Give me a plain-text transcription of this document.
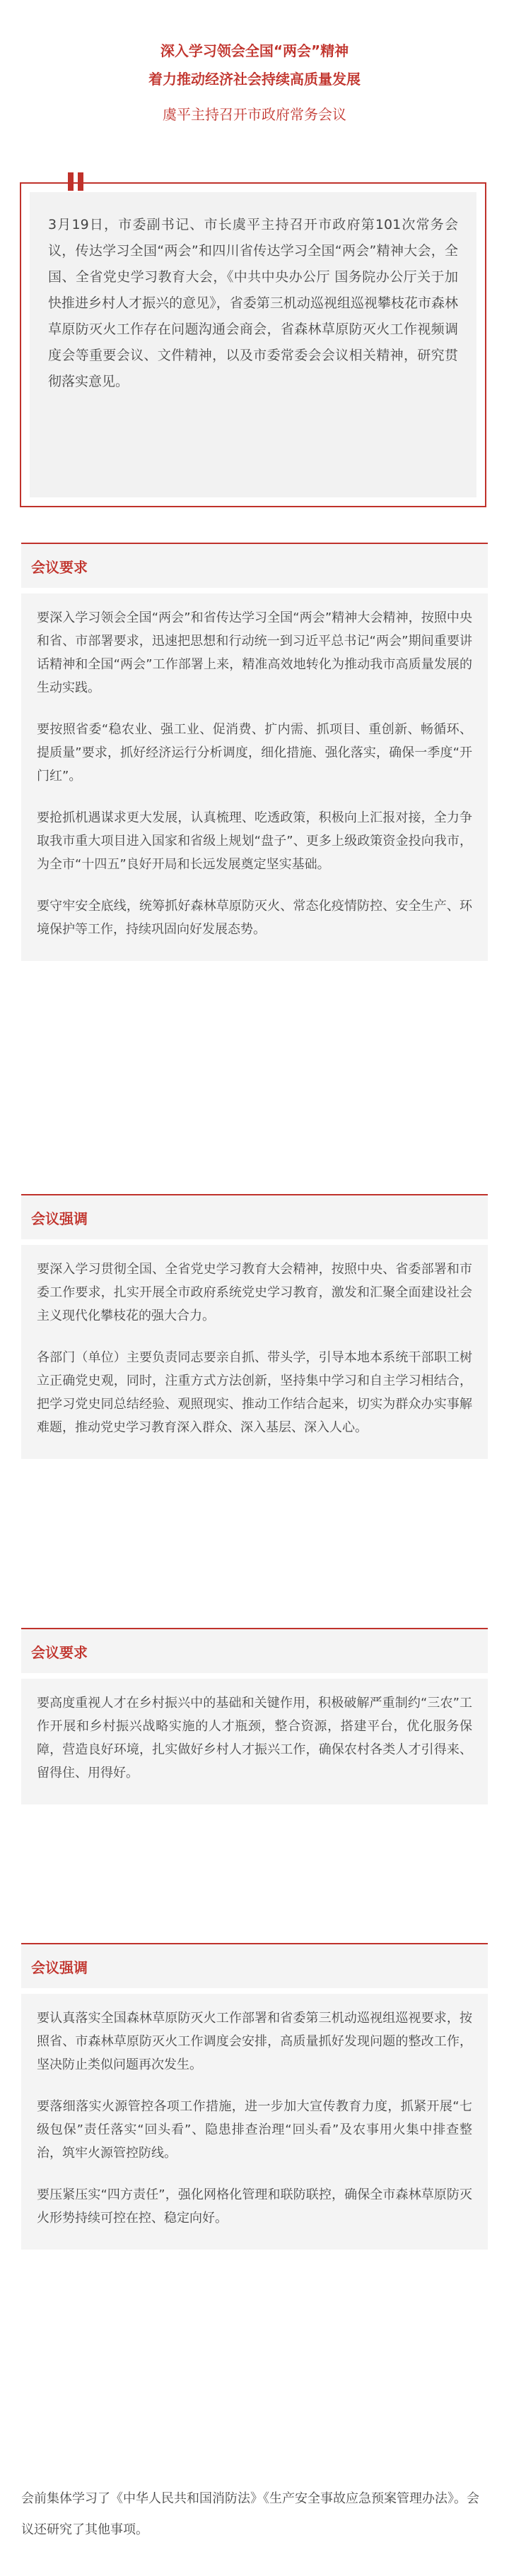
深入学习领会全国“两会”精神
着力推动经济社会持续高质量发展
虞平主持召开市政府常务会议
3月19日，市委副书记、市长虞平主持召开市政府第101次常务会议，传达学习全国“两会”和四川省传达学习全国“两会”精神大会，全国、全省党史学习教育大会，《中共中央办公厅 国务院办公厅关于加快推进乡村人才振兴的意见》，省委第三机动巡视组巡视攀枝花市森林草原防灭火工作存在问题沟通会商会，省森林草原防灭火工作视频调度会等重要会议、文件精神，以及市委常委会会议相关精神，研究贯彻落实意见。
会议要求

要深入学习领会全国“两会”和省传达学习全国“两会”精神大会精神，按照中央和省、市部署要求，迅速把思想和行动统一到习近平总书记“两会”期间重要讲话精神和全国“两会”工作部署上来，精准高效地转化为推动我市高质量发展的生动实践。

要按照省委“稳农业、强工业、促消费、扩内需、抓项目、重创新、畅循环、提质量”要求，抓好经济运行分析调度，细化措施、强化落实，确保一季度“开门红”。

要抢抓机遇谋求更大发展，认真梳理、吃透政策，积极向上汇报对接，全力争取我市重大项目进入国家和省级上规划“盘子”、更多上级政策资金投向我市，为全市“十四五”良好开局和长远发展奠定坚实基础。

要守牢安全底线，统筹抓好森林草原防灭火、常态化疫情防控、安全生产、环境保护等工作，持续巩固向好发展态势。

会议强调

要深入学习贯彻全国、全省党史学习教育大会精神，按照中央、省委部署和市委工作要求，扎实开展全市政府系统党史学习教育，激发和汇聚全面建设社会主义现代化攀枝花的强大合力。

各部门（单位）主要负责同志要亲自抓、带头学，引导本地本系统干部职工树立正确党史观，同时，注重方式方法创新，坚持集中学习和自主学习相结合，把学习党史同总结经验、观照现实、推动工作结合起来，切实为群众办实事解难题，推动党史学习教育深入群众、深入基层、深入人心。

会议要求

要高度重视人才在乡村振兴中的基础和关键作用，积极破解严重制约“三农”工作开展和乡村振兴战略实施的人才瓶颈，整合资源，搭建平台，优化服务保障，营造良好环境，扎实做好乡村人才振兴工作，确保农村各类人才引得来、留得住、用得好。

会议强调

要认真落实全国森林草原防灭火工作部署和省委第三机动巡视组巡视要求，按照省、市森林草原防灭火工作调度会安排，高质量抓好发现问题的整改工作，坚决防止类似问题再次发生。

要落细落实火源管控各项工作措施，进一步加大宣传教育力度，抓紧开展“七级包保”责任落实“回头看”、隐患排查治理“回头看”及农事用火集中排查整治，筑牢火源管控防线。

要压紧压实“四方责任”，强化网格化管理和联防联控，确保全市森林草原防灭火形势持续可控在控、稳定向好。

会前集体学习了《中华人民共和国消防法》《生产安全事故应急预案管理办法》。会议还研究了其他事项。
